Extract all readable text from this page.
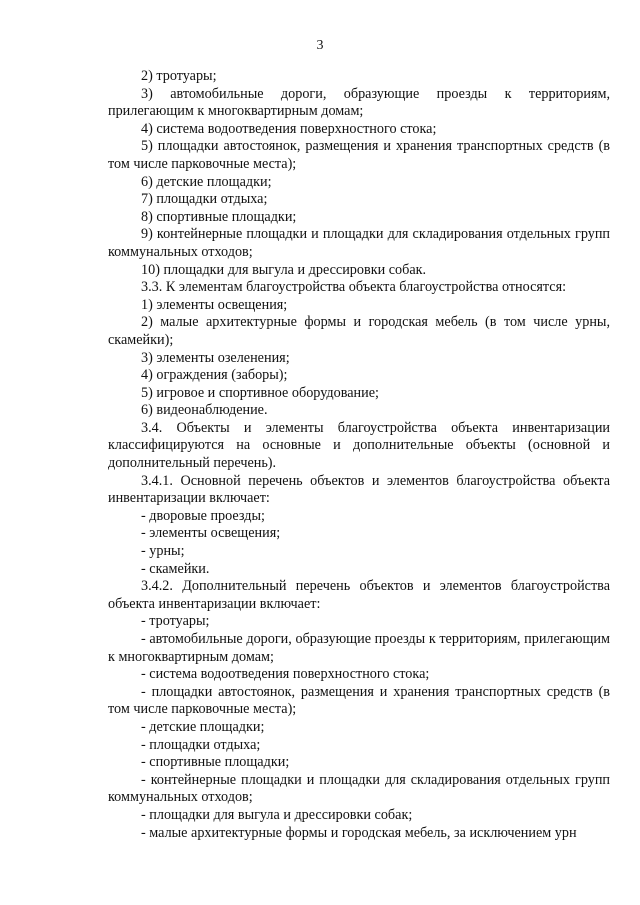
3

2) тротуары;

3) автомобильные дороги, образующие проезды к территориям, прилегающим к многоквартирным домам;

4) система водоотведения поверхностного стока;

5) площадки автостоянок, размещения и хранения транспортных средств (в том числе парковочные места);

6) детские площадки;

7) площадки отдыха;

8) спортивные площадки;

9) контейнерные площадки и площадки для складирования отдельных групп коммунальных отходов;

10) площадки для выгула и дрессировки собак.

3.3. К элементам благоустройства объекта благоустройства относятся:

1) элементы освещения;

2) малые архитектурные формы и городская мебель (в том числе урны, скамейки);

3) элементы озеленения;

4) ограждения (заборы);

5) игровое и спортивное оборудование;

6) видеонаблюдение.

3.4. Объекты и элементы благоустройства объекта инвентаризации классифицируются на основные и дополнительные объекты (основной и дополнительный перечень).

3.4.1. Основной перечень объектов и элементов благоустройства объекта инвентаризации включает:

- дворовые проезды;

- элементы освещения;

- урны;

- скамейки.

3.4.2. Дополнительный перечень объектов и элементов благоустройства объекта инвентаризации включает:

- тротуары;

- автомобильные дороги, образующие проезды к территориям, прилегающим к многоквартирным домам;

- система водоотведения поверхностного стока;

- площадки автостоянок, размещения и хранения транспортных средств (в том числе парковочные места);

- детские площадки;

- площадки отдыха;

- спортивные площадки;

- контейнерные площадки и площадки для складирования отдельных групп коммунальных отходов;

- площадки для выгула и дрессировки собак;

- малые архитектурные формы и городская мебель, за исключением урн
